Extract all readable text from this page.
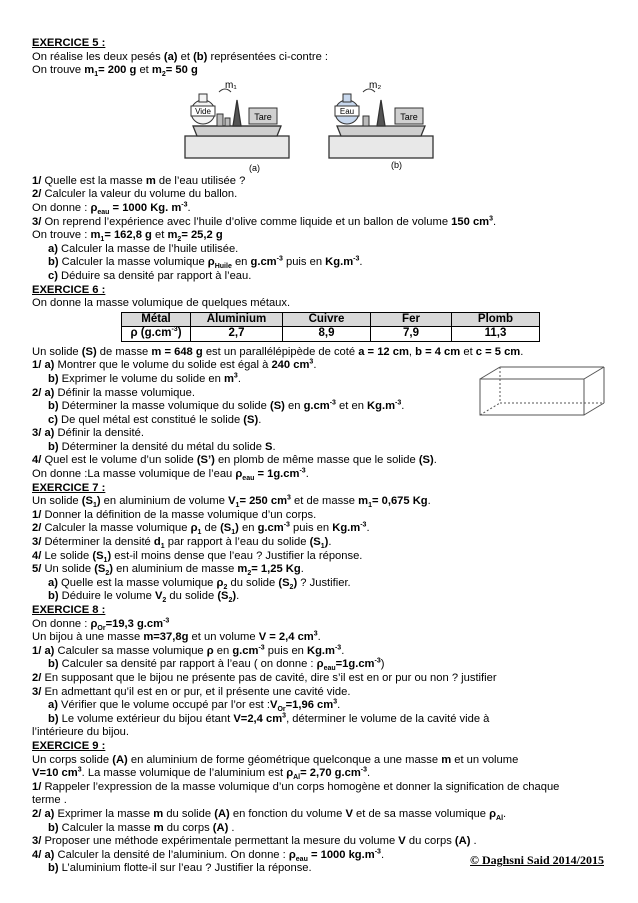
EXERCICE 5 :
On réalise les deux pesés (a) et (b) représentées ci-contre :
On trouve $m_1= 200$ g et $m_2= 50$ g
Vide
m₁
Tare
(a)
Eau
m₂
Tare
(b)
1/ Quelle est la masse m de l’eau utilisée ?
2/ Calculer la valeur du volume du ballon.
On donne : $\rho_{eau} = 1000$ Kg. $m^{-3}$.
3/ On reprend l’expérience avec l’huile d’olive comme liquide et un ballon de volume 150 $cm^3$.
On trouve : $m_1= 162,8$ g et $m_2= 25,2$ g
a) Calculer la masse de l’huile utilisée.
b) Calculer la masse volumique $\rho_{Huile}$ en $g.cm^{-3}$ puis en $Kg.m^{-3}$.
c) Déduire sa densité par rapport à l’eau.
EXERCICE 6 :
On donne la masse volumique de quelques métaux.
Métal	Aluminium	Cuivre	Fer	Plomb
ρ $(g.cm^{-3})$	2,7	8,9	7,9	11,3
Un solide (S) de masse m = 648 g est un parallélépipède de coté a = 12 cm, b = 4 cm et c = 5 cm.
1/ a) Montrer que le volume du solide est égal à 240 $cm^3$.
b) Exprimer le volume du solide en $m^3$.
2/ a) Définir la masse volumique.
b) Déterminer la masse volumique du solide (S) en $g.cm^{-3}$ et en $Kg.m^{-3}$.
c) De quel métal est constitué le solide (S).
3/ a) Définir la densité.
b) Déterminer la densité du métal du solide S.
4/ Quel est le volume d’un solide (S’) en plomb de même masse que le solide (S).
On donne :La masse volumique de l’eau $\rho_{eau} = 1g.cm^{-3}$.
EXERCICE 7 :
Un solide $(S_1)$ en aluminium de volume $V_1= 250$ $cm^3$ et de masse $m_1= 0,675$ Kg.
1/ Donner la définition de la masse volumique d’un corps.
2/ Calculer la masse volumique $\rho_1$ de $(S_1)$ en $g.cm^{-3}$ puis en $Kg.m^{-3}$.
3/ Déterminer la densité $d_1$ par rapport à l’eau du solide $(S_1)$.
4/ Le solide $(S_1)$ est-il moins dense que l’eau ? Justifier la réponse.
5/ Un solide $(S_2)$ en aluminium de masse $m_2= 1,25$ Kg.
a) Quelle est la masse volumique $\rho_2$ du solide $(S_2)$ ? Justifier.
b) Déduire le volume $V_2$ du solide $(S_2)$.
EXERCICE 8 :
On donne : $\rho_{Or}=19,3$ $g.cm^{-3}$
Un bijou à une masse m=37,8g et un volume V = 2,4 $cm^3$.
1/ a) Calculer sa masse volumique ρ en $g.cm^{-3}$ puis en $Kg.m^{-3}$.
b) Calculer sa densité par rapport à l’eau ( on donne : $\rho_{eau}=1g.cm^{-3}$)
2/ En supposant que le bijou ne présente pas de cavité, dire s’il est en or pur ou non ? justifier
3/ En admettant qu’il est en or pur, et il présente une cavité vide.
a) Vérifier que le volume occupé par l’or est $:V_{Or}=1,96$ $cm^3$.
b) Le volume extérieur du bijou étant V=2,4 $cm^3$, déterminer le volume de la cavité vide à
l’intérieure du bijou.
EXERCICE 9 :
Un corps solide (A) en aluminium de forme géométrique quelconque a une masse m et un volume
V=10 $cm^3$. La masse volumique de l’aluminium est $\rho_{Al}= 2,70$ $g.cm^{-3}$.
1/ Rappeler l’expression de la masse volumique d’un corps homogène et donner la signification de chaque
terme .
2/ a) Exprimer la masse m du solide (A) en fonction du volume V et de sa masse volumique $\rho_{Al}$.
b) Calculer la masse m du corps (A) .
3/ Proposer une méthode expérimentale permettant la mesure du volume V du corps (A) .
4/ a) Calculer la densité de l’aluminium. On donne : $\rho_{eau} = 1000$ $kg.m^{-3}$.
b) L’aluminium flotte-il sur l’eau ? Justifier la réponse.
© Daghsni Said 2014/2015
